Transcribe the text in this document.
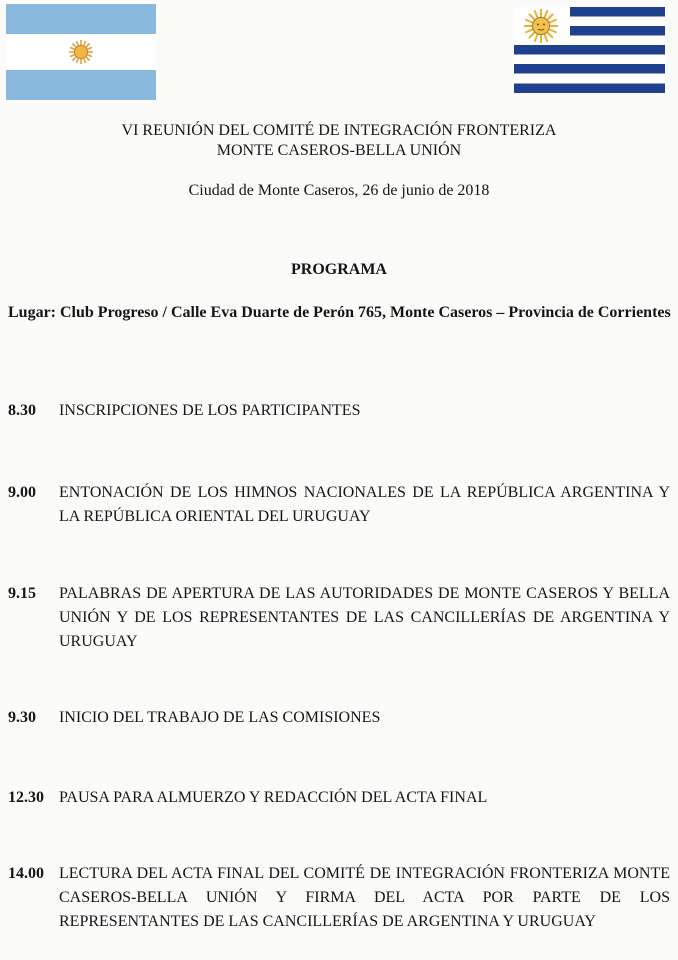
VI REUNIÓN DEL COMITÉ DE INTEGRACIÓN FRONTERIZA
MONTE CASEROS-BELLA UNIÓN
Ciudad de Monte Caseros, 26 de junio de 2018
PROGRAMA
Lugar: Club Progreso / Calle Eva Duarte de Perón 765, Monte Caseros – Provincia de Corrientes
8.30	INSCRIPCIONES DE LOS PARTICIPANTES
9.00	ENTONACIÓN DE LOS HIMNOS NACIONALES DE LA REPÚBLICA ARGENTINA Y LA REPÚBLICA ORIENTAL DEL URUGUAY
9.15	PALABRAS DE APERTURA DE LAS AUTORIDADES DE MONTE CASEROS Y BELLA UNIÓN Y DE LOS REPRESENTANTES DE LAS CANCILLERÍAS DE ARGENTINA Y URUGUAY
9.30	INICIO DEL TRABAJO DE LAS COMISIONES
12.30 PAUSA PARA ALMUERZO Y REDACCIÓN DEL ACTA FINAL
14.00 LECTURA DEL ACTA FINAL DEL COMITÉ DE INTEGRACIÓN FRONTERIZA MONTE CASEROS-BELLA UNIÓN Y FIRMA DEL ACTA POR PARTE DE LOS REPRESENTANTES DE LAS CANCILLERÍAS DE ARGENTINA Y URUGUAY
